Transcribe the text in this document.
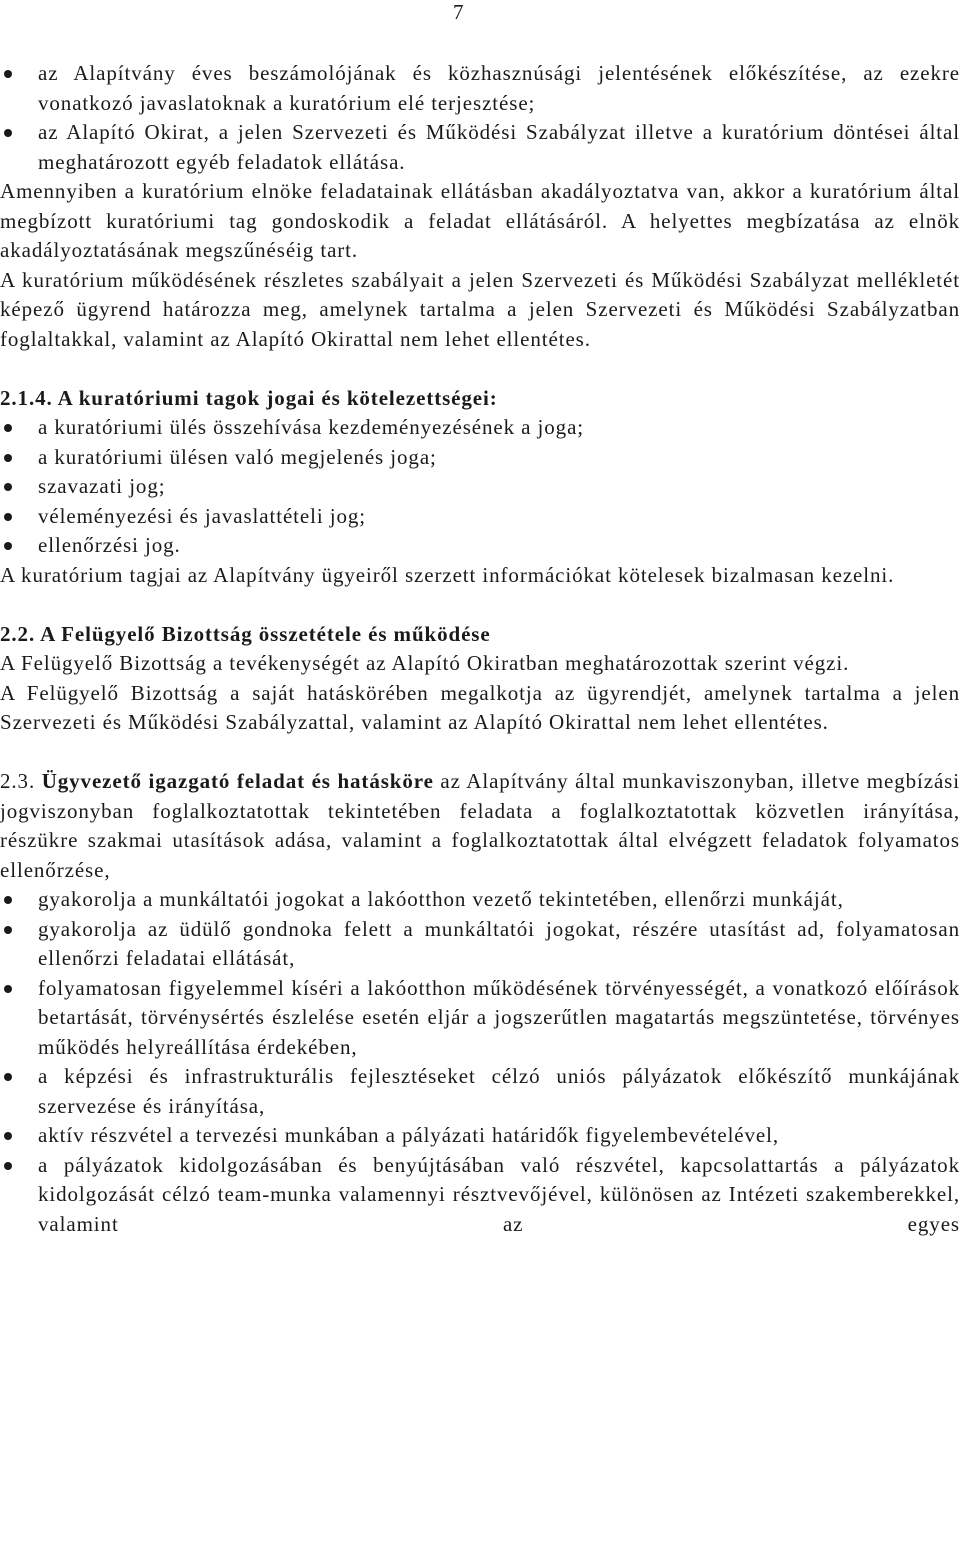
7
az Alapítvány éves beszámolójának és közhasznúsági jelentésének előkészítése, az ezekre vonatkozó javaslatoknak a kuratórium elé terjesztése;
az Alapító Okirat, a jelen Szervezeti és Működési Szabályzat illetve a kuratórium döntései által meghatározott egyéb feladatok ellátása.

Amennyiben a kuratórium elnöke feladatainak ellátásban akadályoztatva van, akkor a kuratórium által megbízott kuratóriumi tag gondoskodik a feladat ellátásáról. A helyettes megbízatása az elnök akadályoztatásának megszűnéséig tart.

A kuratórium működésének részletes szabályait a jelen Szervezeti és Működési Szabályzat mellékletét képező ügyrend határozza meg, amelynek tartalma a jelen Szervezeti és Működési Szabályzatban foglaltakkal, valamint az Alapító Okirattal nem lehet ellentétes.

2.1.4. A kuratóriumi tagok jogai és kötelezettségei:

a kuratóriumi ülés összehívása kezdeményezésének a joga;
a kuratóriumi ülésen való megjelenés joga;
szavazati jog;
véleményezési és javaslattételi jog;
ellenőrzési jog.

A kuratórium tagjai az Alapítvány ügyeiről szerzett információkat kötelesek bizalmasan kezelni.

2.2. A Felügyelő Bizottság összetétele és működése

A Felügyelő Bizottság a tevékenységét az Alapító Okiratban meghatározottak szerint végzi.

A Felügyelő Bizottság a saját hatáskörében megalkotja az ügyrendjét, amelynek tartalma a jelen Szervezeti és Működési Szabályzattal, valamint az Alapító Okirattal nem lehet ellentétes.

2.3. Ügyvezető igazgató feladat és hatásköre az Alapítvány által munkaviszonyban, illetve megbízási jogviszonyban foglalkoztatottak tekintetében feladata a foglalkoztatottak közvetlen irányítása, részükre szakmai utasítások adása, valamint a foglalkoztatottak által elvégzett feladatok folyamatos ellenőrzése,

gyakorolja a munkáltatói jogokat a lakóotthon vezető tekintetében, ellenőrzi munkáját,
gyakorolja az üdülő gondnoka felett a munkáltatói jogokat, részére utasítást ad, folyamatosan ellenőrzi feladatai ellátását,
folyamatosan figyelemmel kíséri a lakóotthon működésének törvényességét, a vonatkozó előírások betartását, törvénysértés észlelése esetén eljár a jogszerűtlen magatartás megszüntetése, törvényes működés helyreállítása érdekében,
a képzési és infrastrukturális fejlesztéseket célzó uniós pályázatok előkészítő munkájának szervezése és irányítása,
aktív részvétel a tervezési munkában a pályázati határidők figyelembevételével,
a pályázatok kidolgozásában és benyújtásában való részvétel, kapcsolattartás a pályázatok kidolgozását célzó team-munka valamennyi résztvevőjével, különösen az Intézeti szakemberekkel, valamint az egyes
